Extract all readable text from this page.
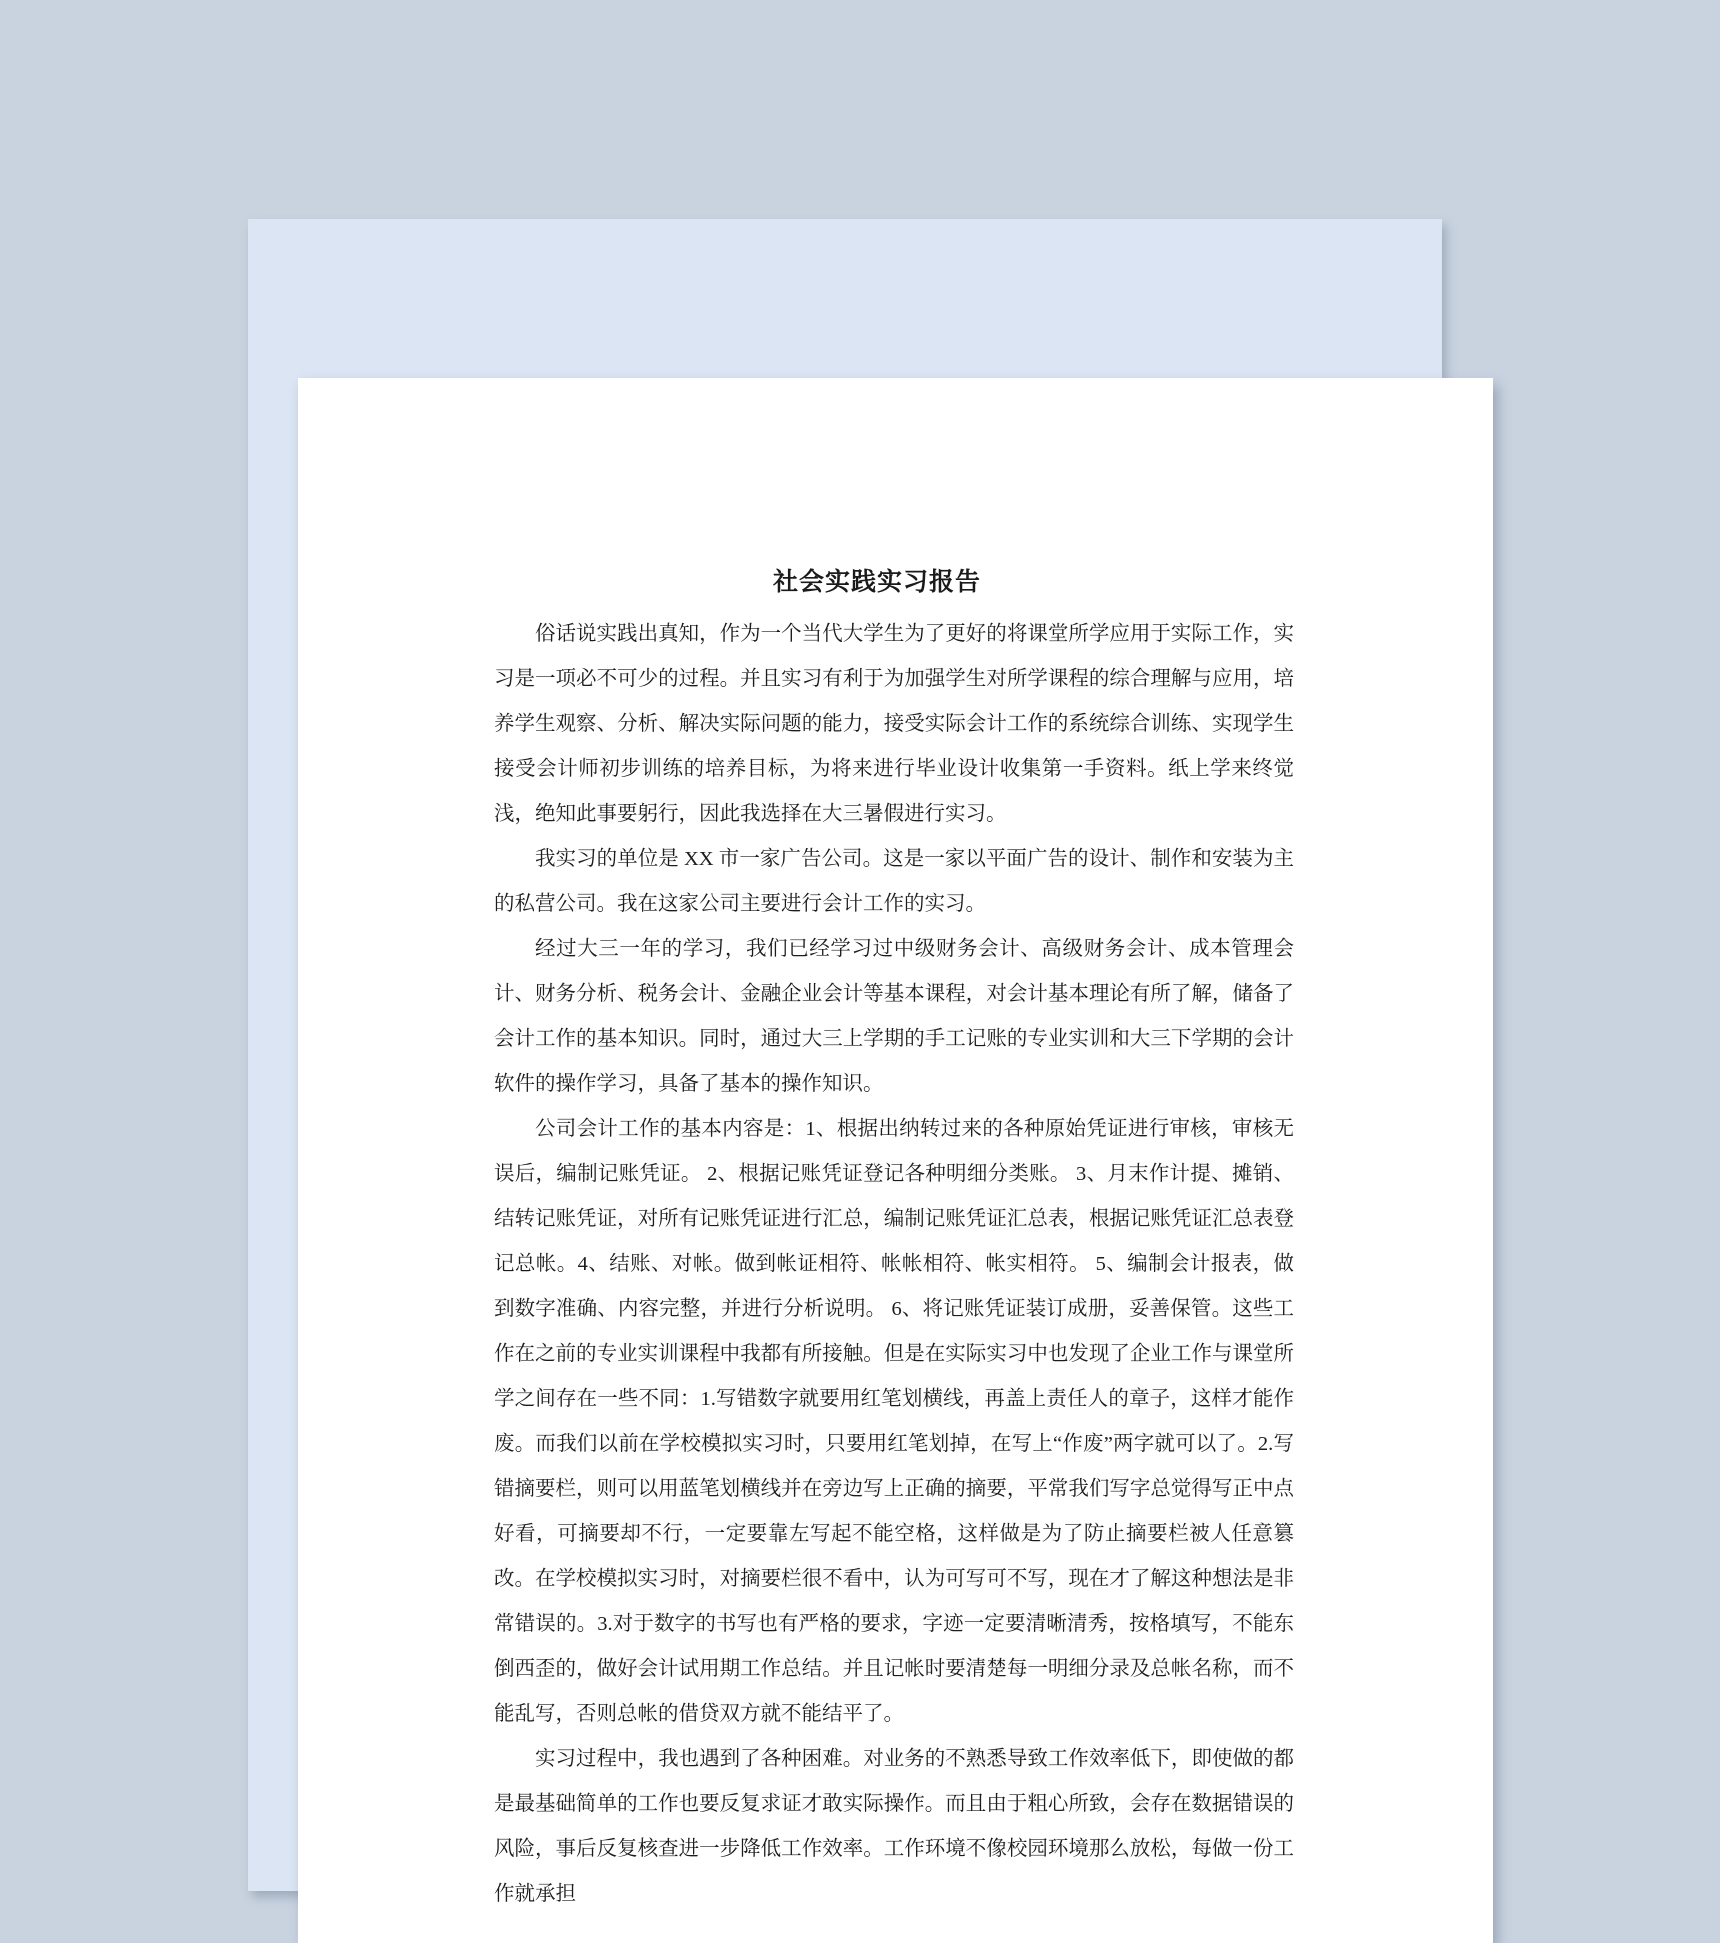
社会实践实习报告

俗话说实践出真知，作为一个当代大学生为了更好的将课堂所学应用于实际工作，实习是一项必不可少的过程。并且实习有利于为加强学生对所学课程的综合理解与应用，培养学生观察、分析、解决实际问题的能力，接受实际会计工作的系统综合训练、实现学生接受会计师初步训练的培养目标，为将来进行毕业设计收集第一手资料。纸上学来终觉浅，绝知此事要躬行，因此我选择在大三暑假进行实习。

我实习的单位是 XX 市一家广告公司。这是一家以平面广告的设计、制作和安装为主的私营公司。我在这家公司主要进行会计工作的实习。

经过大三一年的学习，我们已经学习过中级财务会计、高级财务会计、成本管理会计、财务分析、税务会计、金融企业会计等基本课程，对会计基本理论有所了解，储备了会计工作的基本知识。同时，通过大三上学期的手工记账的专业实训和大三下学期的会计软件的操作学习，具备了基本的操作知识。

公司会计工作的基本内容是：1、根据出纳转过来的各种原始凭证进行审核，审核无误后，编制记账凭证。 2、根据记账凭证登记各种明细分类账。 3、月末作计提、摊销、结转记账凭证，对所有记账凭证进行汇总，编制记账凭证汇总表，根据记账凭证汇总表登记总帐。4、结账、对帐。做到帐证相符、帐帐相符、帐实相符。 5、编制会计报表，做到数字准确、内容完整，并进行分析说明。 6、将记账凭证装订成册，妥善保管。这些工作在之前的专业实训课程中我都有所接触。但是在实际实习中也发现了企业工作与课堂所学之间存在一些不同：1.写错数字就要用红笔划横线，再盖上责任人的章子，这样才能作废。而我们以前在学校模拟实习时，只要用红笔划掉，在写上“作废”两字就可以了。2.写错摘要栏，则可以用蓝笔划横线并在旁边写上正确的摘要，平常我们写字总觉得写正中点好看，可摘要却不行，一定要靠左写起不能空格，这样做是为了防止摘要栏被人任意篡改。在学校模拟实习时，对摘要栏很不看中，认为可写可不写，现在才了解这种想法是非常错误的。3.对于数字的书写也有严格的要求，字迹一定要清晰清秀，按格填写，不能东倒西歪的，做好会计试用期工作总结。并且记帐时要清楚每一明细分录及总帐名称，而不能乱写，否则总帐的借贷双方就不能结平了。

实习过程中，我也遇到了各种困难。对业务的不熟悉导致工作效率低下，即使做的都是最基础简单的工作也要反复求证才敢实际操作。而且由于粗心所致，会存在数据错误的风险，事后反复核查进一步降低工作效率。工作环境不像校园环境那么放松，每做一份工作就承担
